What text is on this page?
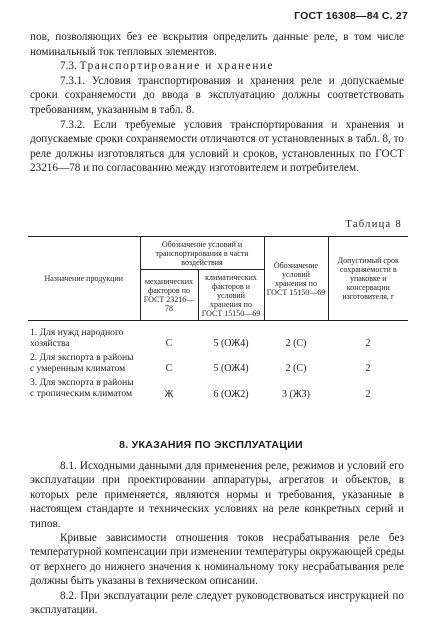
ГОСТ 16308—84 С. 27

пов, позволяющих без ее вскрытия определить данные реле, в том числе номинальный ток тепловых элементов.

7.3. Транспортирование и хранение

7.3.1. Условия транспортирования и хранения реле и допускаемые сроки сохраняемости до ввода в эксплуатацию должны соответствовать требованиям, указанным в табл. 8.

7.3.2. Если требуемые условия транспортирования и хранения и допускаемые сроки сохраняемости отличаются от установленных в табл. 8, то реле должны изготовляться для условий и сроков, установленных по ГОСТ 23216—78 и по согласованию между изготовителем и потребителем.

Таблица 8
Назначение продукции	Обозначение условий и транспортирования в части воздействия		Обозначение условий хранения по ГОСТ 15150—69	Допустимый срок сохраняемости в упаковке и консервации изготовителя, г
	механических факторов по ГОСТ 23216—78	климатических факторов и условий хранения по ГОСТ 15150—69		
1. Для нужд народного хозяйства	С	5 (ОЖ4)	2 (С)	2
2. Для экспорта в районы с умеренным климатом	С	5 (ОЖ4)	2 (С)	2
3. Для экспорта в районы с тропическим климатом	Ж	6 (ОЖ2)	3 (ЖЗ)	2
8. УКАЗАНИЯ ПО ЭКСПЛУАТАЦИИ

8.1. Исходными данными для применения реле, режимов и условий его эксплуатации при проектировании аппаратуры, агрегатов и объектов, в которых реле применяется, являются нормы и требования, указанные в настоящем стандарте и технических условиях на реле конкретных серий и типов.

Кривые зависимости отношения токов несрабатывания реле без температурной компенсации при изменении температуры окружающей среды от верхнего до нижнего значения к номинальному току несрабатывания реле должны быть указаны в техническом описании.

8.2. При эксплуатации реле следует руководствоваться инструкцией по эксплуатации.
